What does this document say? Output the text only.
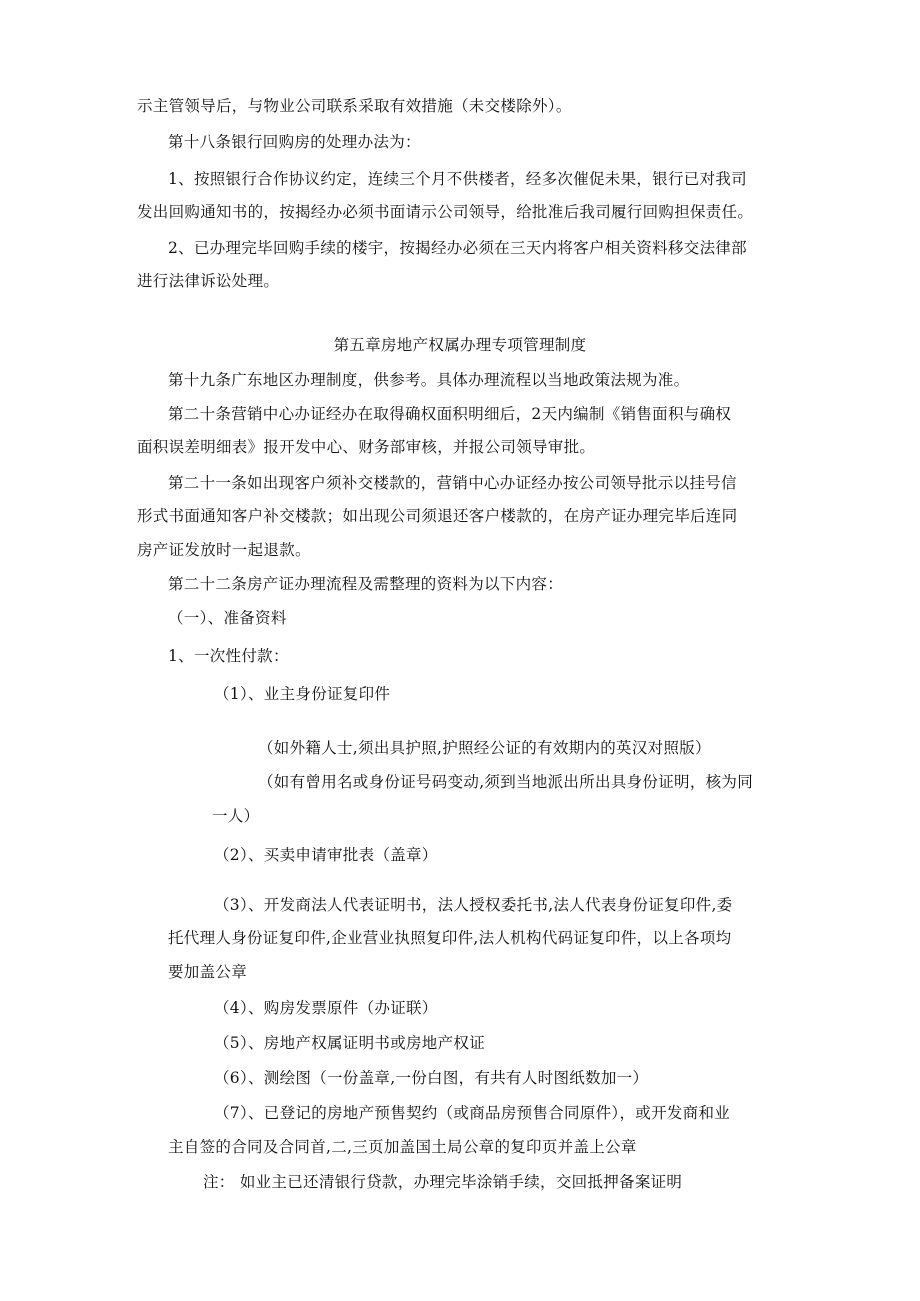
示主管领导后，与物业公司联系采取有效措施（未交楼除外）。
第十八条银行回购房的处理办法为：
1、按照银行合作协议约定，连续三个月不供楼者，经多次催促未果，银行已对我司
发出回购通知书的，按揭经办必须书面请示公司领导，给批准后我司履行回购担保责任。
2、已办理完毕回购手续的楼宇，按揭经办必须在三天内将客户相关资料移交法律部
进行法律诉讼处理。
第五章房地产权属办理专项管理制度
第十九条广东地区办理制度，供参考。具体办理流程以当地政策法规为准。
第二十条营销中心办证经办在取得确权面积明细后，2天内编制《销售面积与确权
面积误差明细表》报开发中心、财务部审核，并报公司领导审批。
第二十一条如出现客户须补交楼款的，营销中心办证经办按公司领导批示以挂号信
形式书面通知客户补交楼款；如出现公司须退还客户楼款的，在房产证办理完毕后连同
房产证发放时一起退款。
第二十二条房产证办理流程及需整理的资料为以下内容：
（一）、准备资料
1、一次性付款：
（1）、业主身份证复印件
（如外籍人士,须出具护照,护照经公证的有效期内的英汉对照版）
（如有曾用名或身份证号码变动,须到当地派出所出具身份证明，核为同
一人）
（2）、买卖申请审批表（盖章）
（3）、开发商法人代表证明书，法人授权委托书,法人代表身份证复印件,委
托代理人身份证复印件,企业营业执照复印件,法人机构代码证复印件，以上各项均
要加盖公章
（4）、购房发票原件（办证联）
（5）、房地产权属证明书或房地产权证
（6）、测绘图（一份盖章,一份白图，有共有人时图纸数加一）
（7）、已登记的房地产预售契约（或商品房预售合同原件），或开发商和业
主自签的合同及合同首,二,三页加盖国土局公章的复印页并盖上公章
注： 如业主已还清银行贷款，办理完毕涂销手续，交回抵押备案证明
